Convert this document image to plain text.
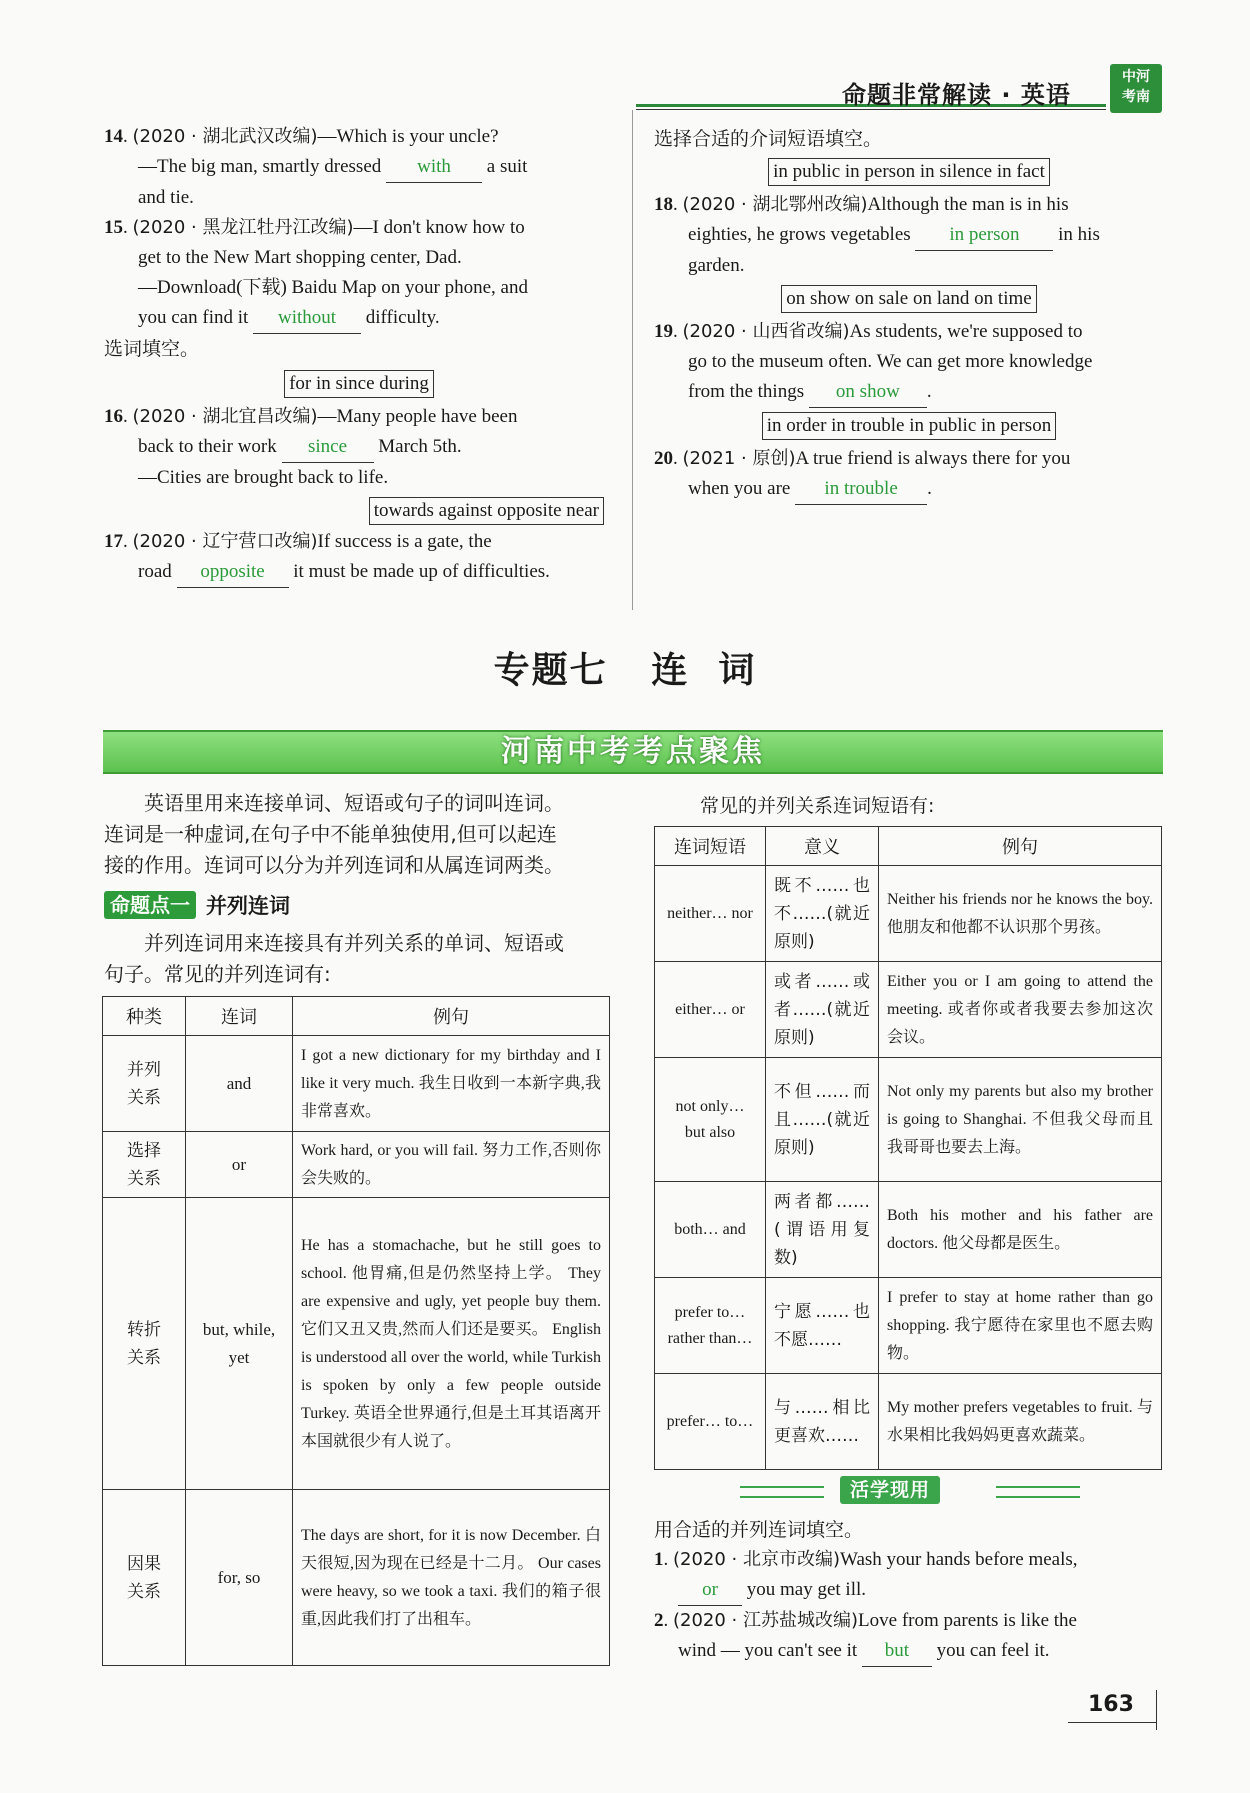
命题非常解读 · 英语
中河
考南
14. (2020 · 湖北武汉改编)—Which is your uncle?
—The big man, smartly dressed with a suit
and tie.
15. (2020 · 黑龙江牡丹江改编)—I don't know how to
get to the New Mart shopping center, Dad.
—Download(下载) Baidu Map on your phone, and
you can find it without difficulty.
选词填空。
for in since during
16. (2020 · 湖北宜昌改编)—Many people have been
back to their work since March 5th.
—Cities are brought back to life.
towards against opposite near
17. (2020 · 辽宁营口改编)If success is a gate, the
road opposite it must be made up of difficulties.
选择合适的介词短语填空。
in public in person in silence in fact
18. (2020 · 湖北鄂州改编)Although the man is in his
eighties, he grows vegetables in person in his
garden.
on show on sale on land on time
19. (2020 · 山西省改编)As students, we're supposed to
go to the museum often. We can get more knowledge
from the things on show .
in order in trouble in public in person
20. (2021 · 原创)A true friend is always there for you
when you are in trouble .
专题七   连  词
河南中考考点聚焦
英语里用来连接单词、短语或句子的词叫连词。
连词是一种虚词,在句子中不能单独使用,但可以起连
接的作用。连词可以分为并列连词和从属连词两类。
命题点一 并列连词
并列连词用来连接具有并列关系的单词、短语或
句子。常见的并列连词有:
种类	连词	例句
并列
关系	and	I got a new dictionary for my birthday and I like it very much. 我生日收到一本新字典,我非常喜欢。
选择
关系	or	Work hard, or you will fail. 努力工作,否则你会失败的。
转折
关系	but, while,
yet	He has a stomachache, but he still goes to school. 他胃痛,但是仍然坚持上学。 They are expensive and ugly, yet people buy them. 它们又丑又贵,然而人们还是要买。 English is understood all over the world, while Turkish is spoken by only a few people outside Turkey. 英语全世界通行,但是土耳其语离开本国就很少有人说了。
因果
关系	for, so	The days are short, for it is now December. 白天很短,因为现在已经是十二月。 Our cases were heavy, so we took a taxi. 我们的箱子很重,因此我们打了出租车。
常见的并列关系连词短语有:
连词短语	意义	例句
neither… nor	既不……也不……(就近原则)	Neither his friends nor he knows the boy. 他朋友和他都不认识那个男孩。
either… or	或者……或者……(就近原则)	Either you or I am going to attend the meeting. 或者你或者我要去参加这次会议。
not only…
but also	不但……而且……(就近原则)	Not only my parents but also my brother is going to Shanghai. 不但我父母而且我哥哥也要去上海。
both… and	两者都……(谓语用复数)	Both his mother and his father are doctors. 他父母都是医生。
prefer to…
rather than…	宁愿……也不愿……	I prefer to stay at home rather than go shopping. 我宁愿待在家里也不愿去购物。
prefer… to…	与……相比更喜欢……	My mother prefers vegetables to fruit. 与水果相比我妈妈更喜欢蔬菜。
活学现用
用合适的并列连词填空。
1. (2020 · 北京市改编)Wash your hands before meals,
or you may get ill.
2. (2020 · 江苏盐城改编)Love from parents is like the
wind — you can't see it but you can feel it.
163
